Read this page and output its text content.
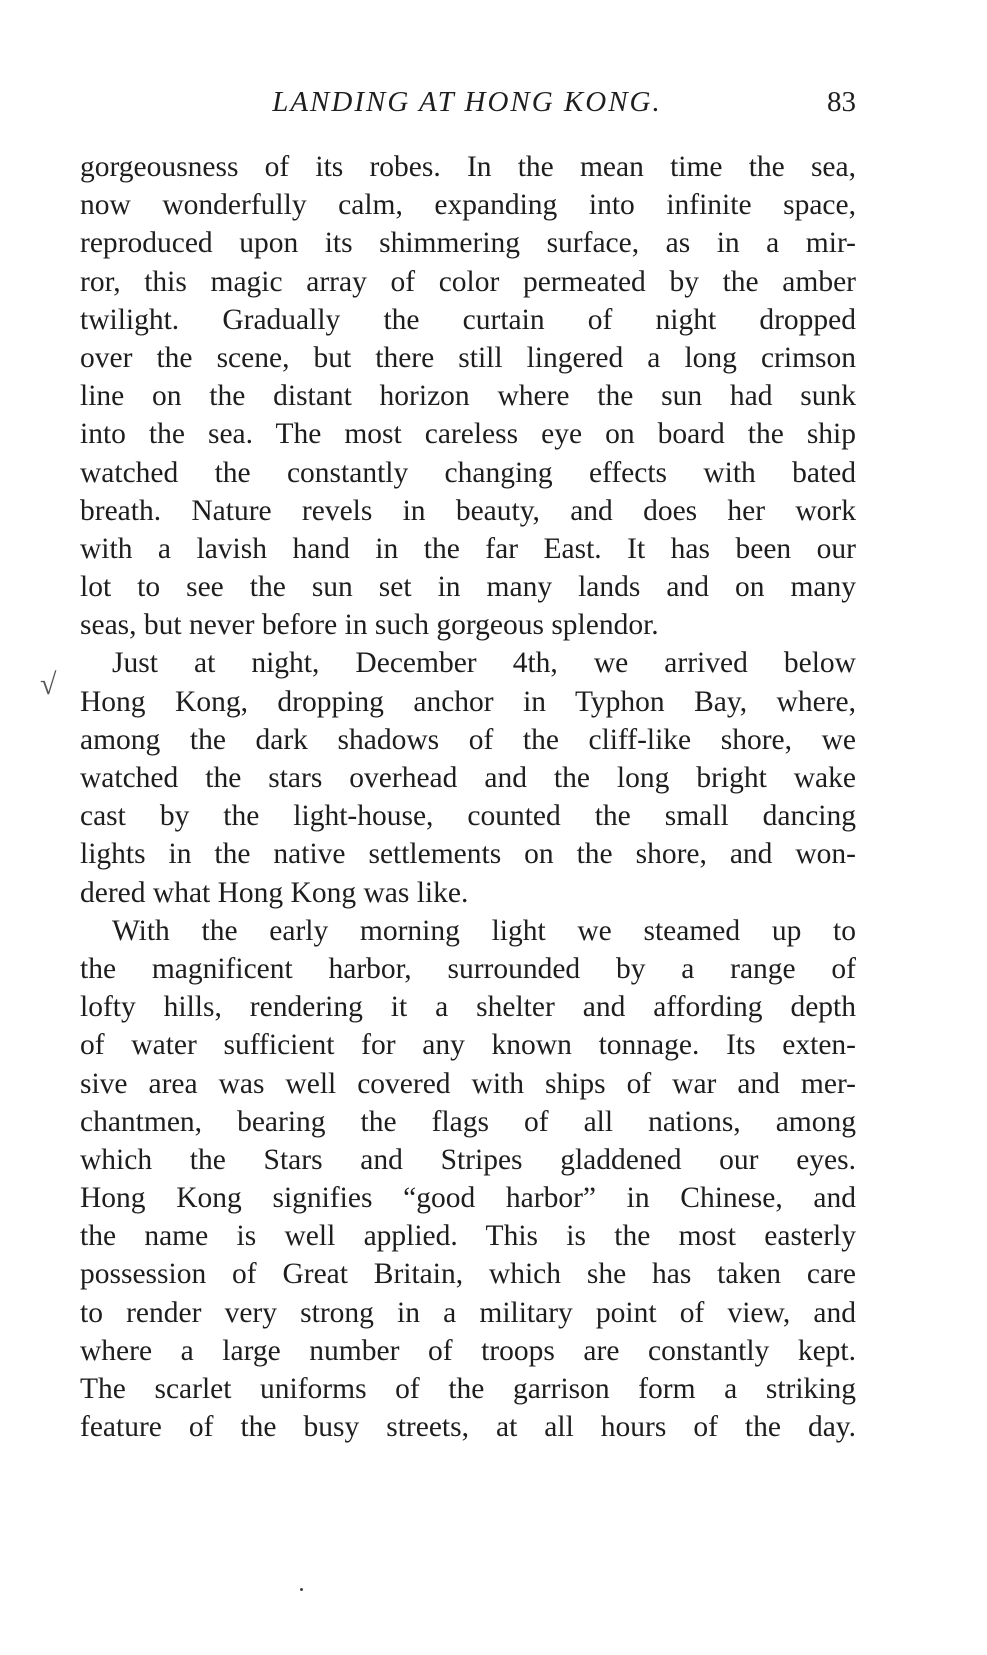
LANDING AT HONG KONG.	83
√
gorgeousness of its robes. In the mean time the sea,
now wonderfully calm, expanding into infinite space,
reproduced upon its shimmering surface, as in a mir-
ror, this magic array of color permeated by the amber
twilight. Gradually the curtain of night dropped
over the scene, but there still lingered a long crimson
line on the distant horizon where the sun had sunk
into the sea. The most careless eye on board the ship
watched the constantly changing effects with bated
breath. Nature revels in beauty, and does her work
with a lavish hand in the far East. It has been our
lot to see the sun set in many lands and on many
seas, but never before in such gorgeous splendor.
Just at night, December 4th, we arrived below
Hong Kong, dropping anchor in Typhon Bay, where,
among the dark shadows of the cliff-like shore, we
watched the stars overhead and the long bright wake
cast by the light-house, counted the small dancing
lights in the native settlements on the shore, and won-
dered what Hong Kong was like.
With the early morning light we steamed up to
the magnificent harbor, surrounded by a range of
lofty hills, rendering it a shelter and affording depth
of water sufficient for any known tonnage. Its exten-
sive area was well covered with ships of war and mer-
chantmen, bearing the flags of all nations, among
which the Stars and Stripes gladdened our eyes.
Hong Kong signifies “good harbor” in Chinese, and
the name is well applied. This is the most easterly
possession of Great Britain, which she has taken care
to render very strong in a military point of view, and
where a large number of troops are constantly kept.
The scarlet uniforms of the garrison form a striking
feature of the busy streets, at all hours of the day.
